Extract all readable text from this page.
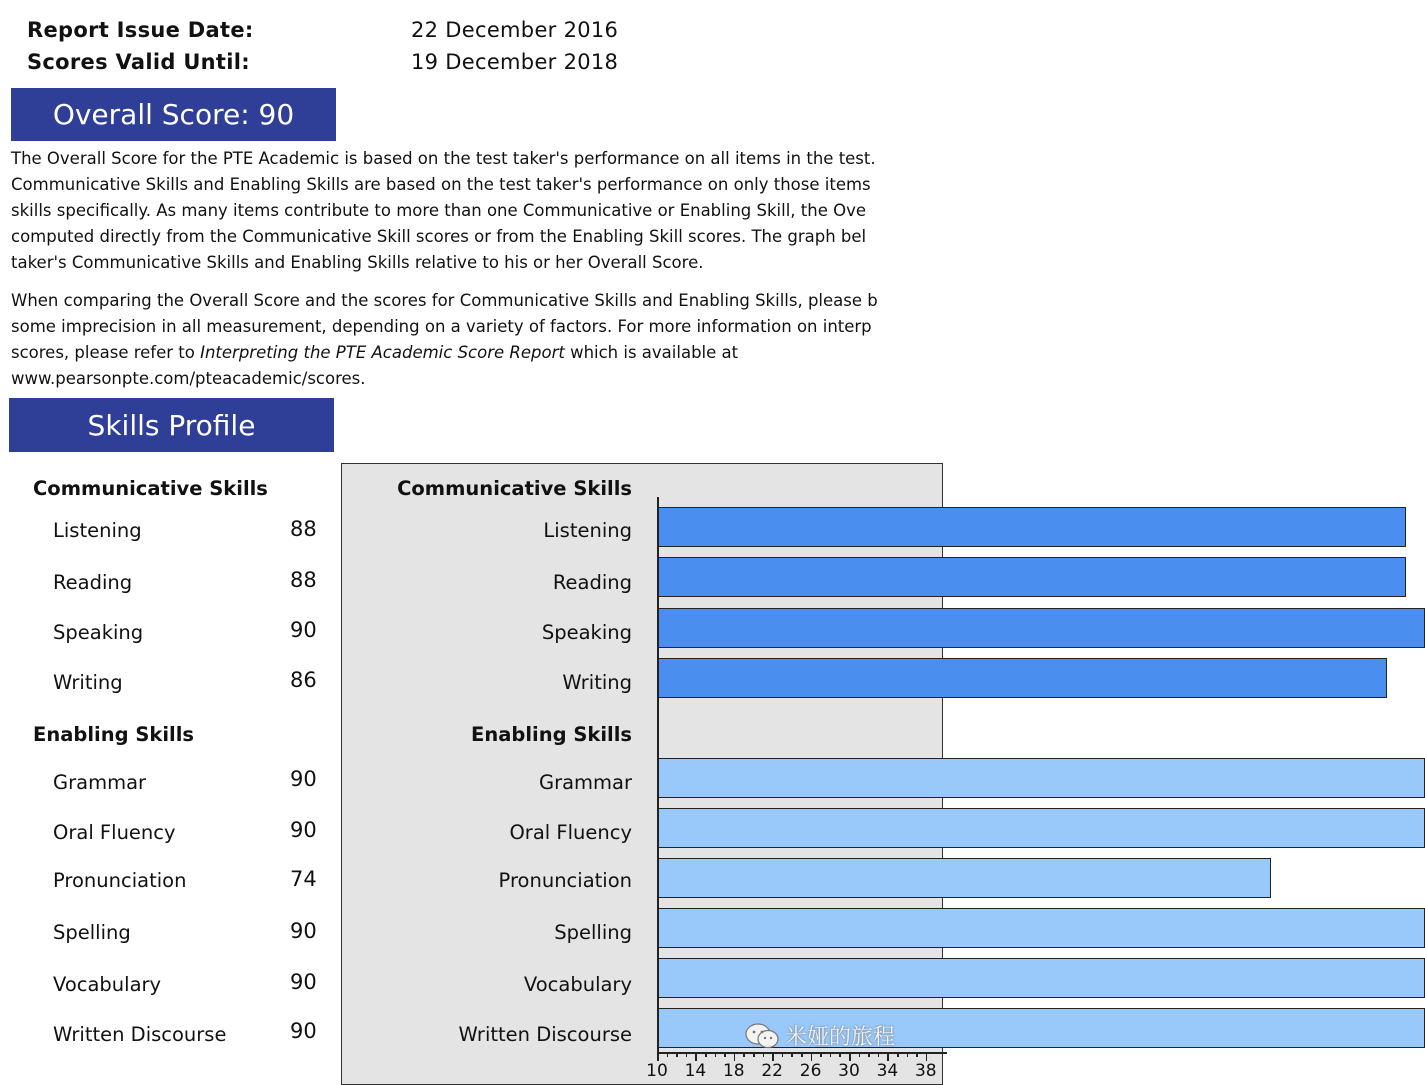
Report Issue Date:	22 December 2016
Scores Valid Until:	19 December 2018
Overall Score: 90
The Overall Score for the PTE Academic is based on the test taker's performance on all items in the test.
Communicative Skills and Enabling Skills are based on the test taker's performance on only those items
skills specifically. As many items contribute to more than one Communicative or Enabling Skill, the Ove
computed directly from the Communicative Skill scores or from the Enabling Skill scores. The graph bel
taker's Communicative Skills and Enabling Skills relative to his or her Overall Score.
When comparing the Overall Score and the scores for Communicative Skills and Enabling Skills, please b
some imprecision in all measurement, depending on a variety of factors. For more information on interp
scores, please refer to Interpreting the PTE Academic Score Report which is available at
www.pearsonpte.com/pteacademic/scores.
Skills Profile
Communicative Skills
Listening	88
Reading	88
Speaking	90
Writing	86
Enabling Skills
Grammar	90
Oral Fluency	90
Pronunciation	74
Spelling	90
Vocabulary	90
Written Discourse	90
Communicative Skills
Enabling Skills
Listening
Reading
Speaking
Writing
Grammar
Oral Fluency
Pronunciation
Spelling
Vocabulary
Written Discourse
10 14 18 22 26 30 34 38
米娅的旅程
